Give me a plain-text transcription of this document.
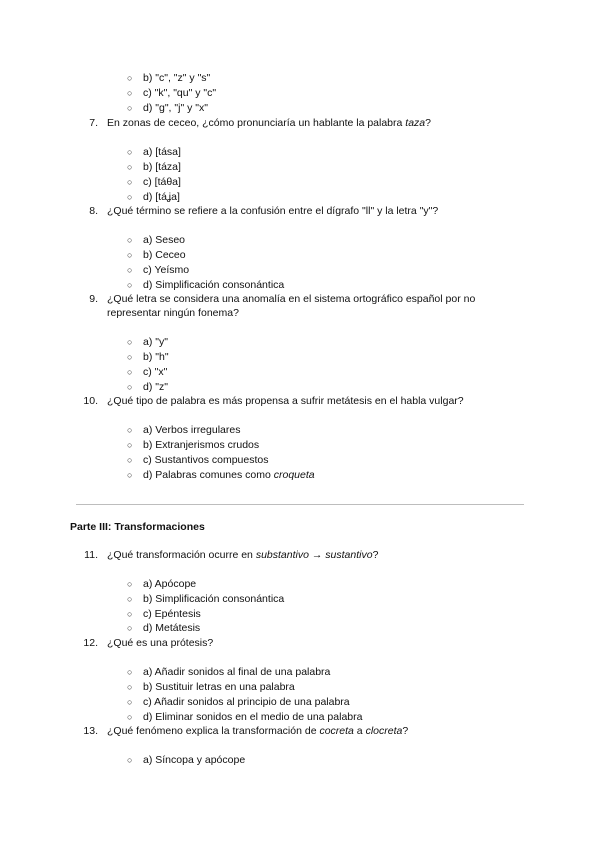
○ b) "c", "z" y "s"
○ c) "k", "qu" y "c"
○ d) "g", "j" y "x"
7. En zonas de ceceo, ¿cómo pronunciaría un hablante la palabra taza?
○ a) [tása]
○ b) [táza]
○ c) [táθa]
○ d) [táʝa]
8. ¿Qué término se refiere a la confusión entre el dígrafo "ll" y la letra "y"?
○ a) Seseo
○ b) Ceceo
○ c) Yeísmo
○ d) Simplificación consonántica
9. ¿Qué letra se considera una anomalía en el sistema ortográfico español por no
representar ningún fonema?
○ a) "y"
○ b) "h"
○ c) "x"
○ d) "z"
10. ¿Qué tipo de palabra es más propensa a sufrir metátesis en el habla vulgar?
○ a) Verbos irregulares
○ b) Extranjerismos crudos
○ c) Sustantivos compuestos
○ d) Palabras comunes como croqueta
Parte III: Transformaciones
11. ¿Qué transformación ocurre en substantivo → sustantivo?
○ a) Apócope
○ b) Simplificación consonántica
○ c) Epéntesis
○ d) Metátesis
12. ¿Qué es una prótesis?
○ a) Añadir sonidos al final de una palabra
○ b) Sustituir letras en una palabra
○ c) Añadir sonidos al principio de una palabra
○ d) Eliminar sonidos en el medio de una palabra
13. ¿Qué fenómeno explica la transformación de cocreta a clocreta?
○ a) Síncopa y apócope
